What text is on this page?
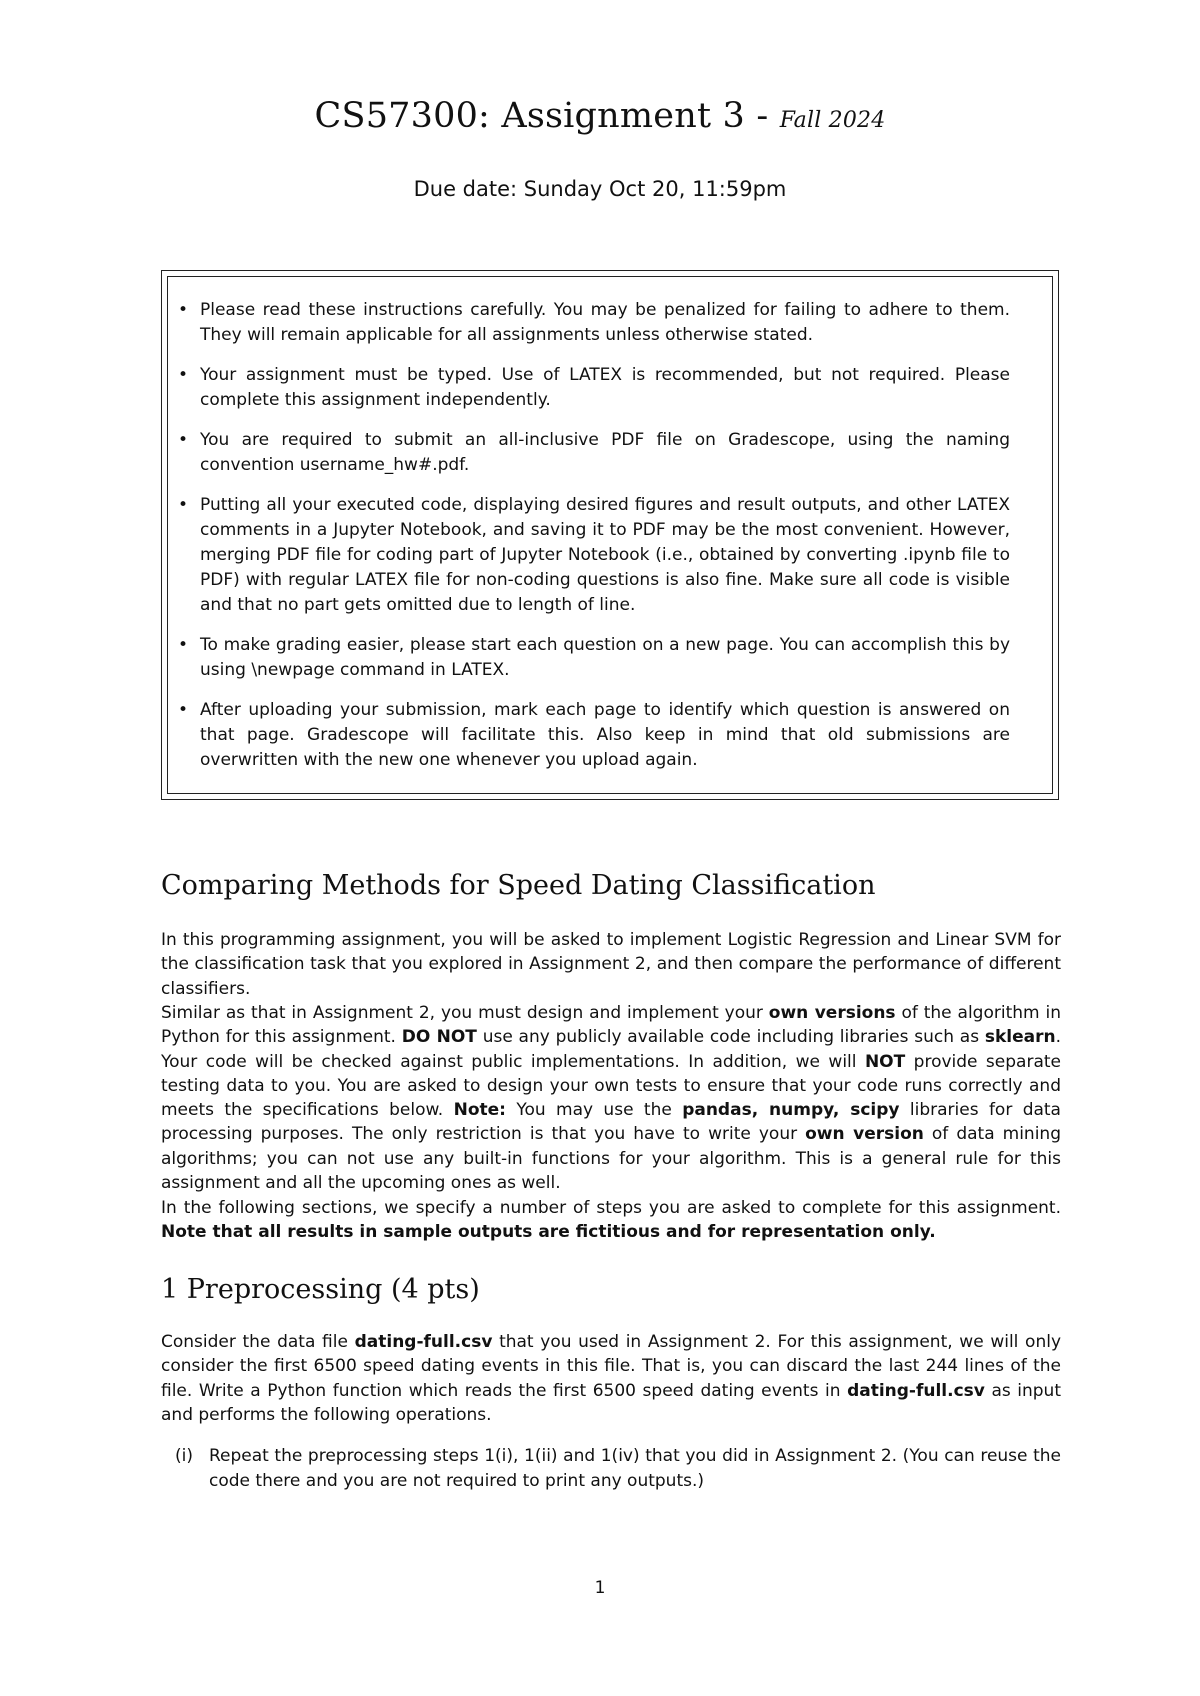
CS57300: Assignment 3 - Fall 2024
Due date: Sunday Oct 20, 11:59pm
• Please read these instructions carefully. You may be penalized for failing to adhere to them. They will remain applicable for all assignments unless otherwise stated.
• Your assignment must be typed. Use of LATEX is recommended, but not required. Please complete this assignment independently.
• You are required to submit an all-inclusive PDF file on Gradescope, using the naming convention username_hw#.pdf.
• Putting all your executed code, displaying desired figures and result outputs, and other LATEX comments in a Jupyter Notebook, and saving it to PDF may be the most convenient. However, merging PDF file for coding part of Jupyter Notebook (i.e., obtained by converting .ipynb file to PDF) with regular LATEX file for non-coding questions is also fine. Make sure all code is visible and that no part gets omitted due to length of line.
• To make grading easier, please start each question on a new page. You can accomplish this by using \newpage command in LATEX.
• After uploading your submission, mark each page to identify which question is answered on that page. Gradescope will facilitate this. Also keep in mind that old submissions are overwritten with the new one whenever you upload again.
Comparing Methods for Speed Dating Classification

In this programming assignment, you will be asked to implement Logistic Regression and Linear SVM for the classification task that you explored in Assignment 2, and then compare the performance of different classifiers.

Similar as that in Assignment 2, you must design and implement your own versions of the algorithm in Python for this assignment. DO NOT use any publicly available code including libraries such as sklearn. Your code will be checked against public implementations. In addition, we will NOT provide separate testing data to you. You are asked to design your own tests to ensure that your code runs correctly and meets the specifications below. Note: You may use the pandas, numpy, scipy libraries for data processing purposes. The only restriction is that you have to write your own version of data mining algorithms; you can not use any built-in functions for your algorithm. This is a general rule for this assignment and all the upcoming ones as well.

In the following sections, we specify a number of steps you are asked to complete for this assignment. Note that all results in sample outputs are fictitious and for representation only.

1 Preprocessing (4 pts)

Consider the data file dating-full.csv that you used in Assignment 2. For this assignment, we will only consider the first 6500 speed dating events in this file. That is, you can discard the last 244 lines of the file. Write a Python function which reads the first 6500 speed dating events in dating-full.csv as input and performs the following operations.

(i) Repeat the preprocessing steps 1(i), 1(ii) and 1(iv) that you did in Assignment 2. (You can reuse the code there and you are not required to print any outputs.)
1
